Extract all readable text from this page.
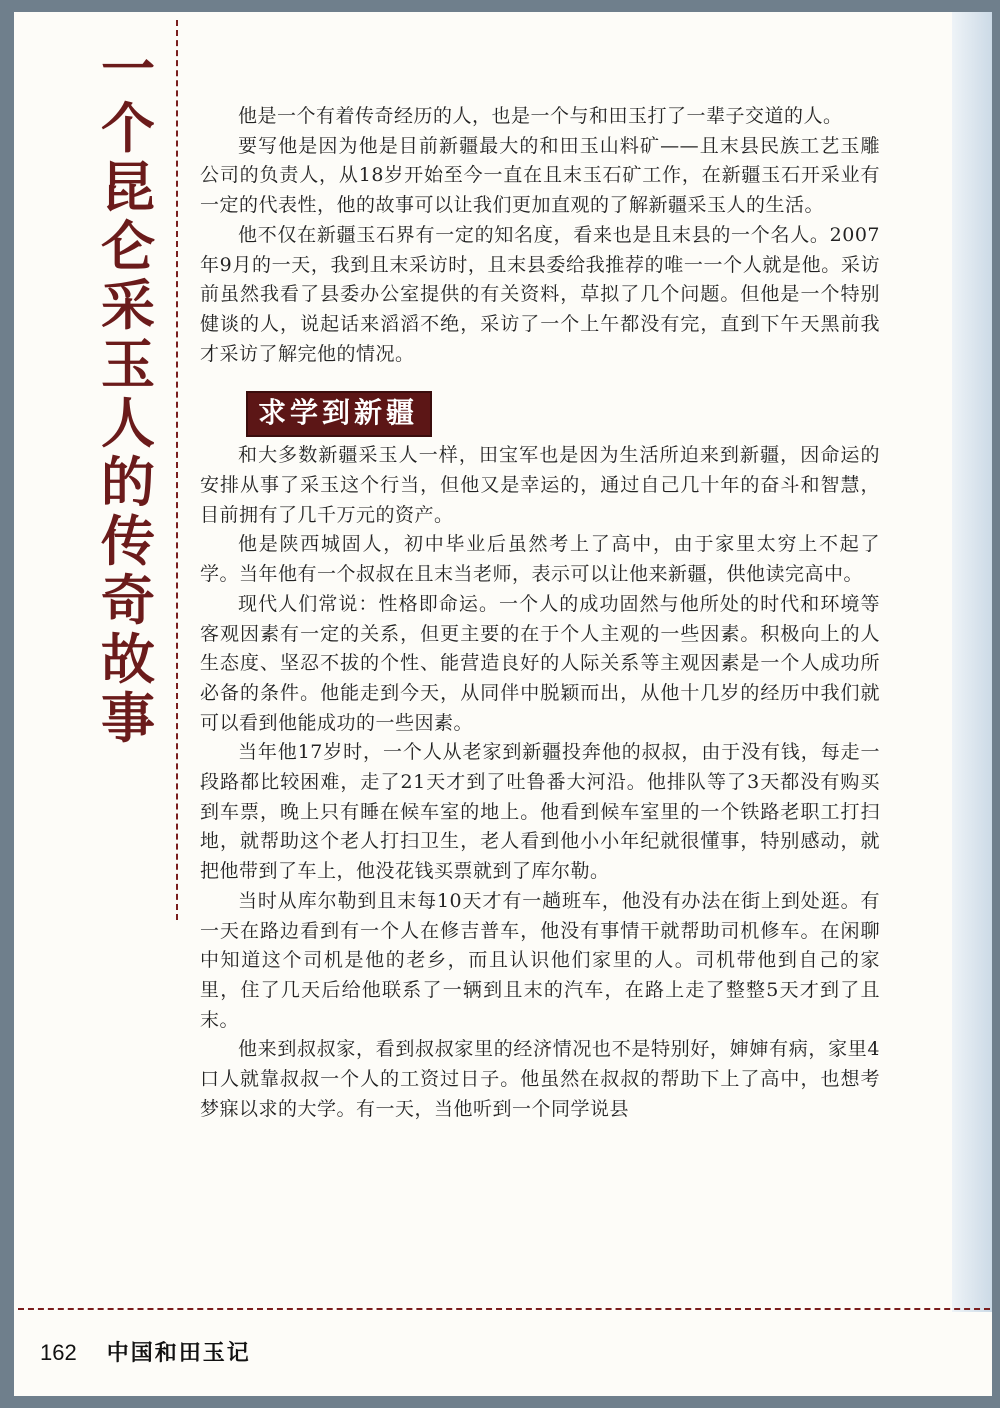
一
个
昆
仑
采
玉
人
的
传
奇
故
事

他是一个有着传奇经历的人，也是一个与和田玉打了一辈子交道的人。

要写他是因为他是目前新疆最大的和田玉山料矿——且末县民族工艺玉雕公司的负责人，从18岁开始至今一直在且末玉石矿工作，在新疆玉石开采业有一定的代表性，他的故事可以让我们更加直观的了解新疆采玉人的生活。

他不仅在新疆玉石界有一定的知名度，看来也是且末县的一个名人。2007年9月的一天，我到且末采访时，且末县委给我推荐的唯一一个人就是他。采访前虽然我看了县委办公室提供的有关资料，草拟了几个问题。但他是一个特别健谈的人，说起话来滔滔不绝，采访了一个上午都没有完，直到下午天黑前我才采访了解完他的情况。

求学到新疆

和大多数新疆采玉人一样，田宝军也是因为生活所迫来到新疆，因命运的安排从事了采玉这个行当，但他又是幸运的，通过自己几十年的奋斗和智慧，目前拥有了几千万元的资产。

他是陕西城固人，初中毕业后虽然考上了高中，由于家里太穷上不起了学。当年他有一个叔叔在且末当老师，表示可以让他来新疆，供他读完高中。

现代人们常说：性格即命运。一个人的成功固然与他所处的时代和环境等客观因素有一定的关系，但更主要的在于个人主观的一些因素。积极向上的人生态度、坚忍不拔的个性、能营造良好的人际关系等主观因素是一个人成功所必备的条件。他能走到今天，从同伴中脱颖而出，从他十几岁的经历中我们就可以看到他能成功的一些因素。

当年他17岁时，一个人从老家到新疆投奔他的叔叔，由于没有钱，每走一段路都比较困难，走了21天才到了吐鲁番大河沿。他排队等了3天都没有购买到车票，晚上只有睡在候车室的地上。他看到候车室里的一个铁路老职工打扫地，就帮助这个老人打扫卫生，老人看到他小小年纪就很懂事，特别感动，就把他带到了车上，他没花钱买票就到了库尔勒。

当时从库尔勒到且末每10天才有一趟班车，他没有办法在街上到处逛。有一天在路边看到有一个人在修吉普车，他没有事情干就帮助司机修车。在闲聊中知道这个司机是他的老乡，而且认识他们家里的人。司机带他到自己的家里，住了几天后给他联系了一辆到且末的汽车，在路上走了整整5天才到了且末。

他来到叔叔家，看到叔叔家里的经济情况也不是特别好，婶婶有病，家里4口人就靠叔叔一个人的工资过日子。他虽然在叔叔的帮助下上了高中，也想考梦寐以求的大学。有一天，当他听到一个同学说县

162 中国和田玉记
